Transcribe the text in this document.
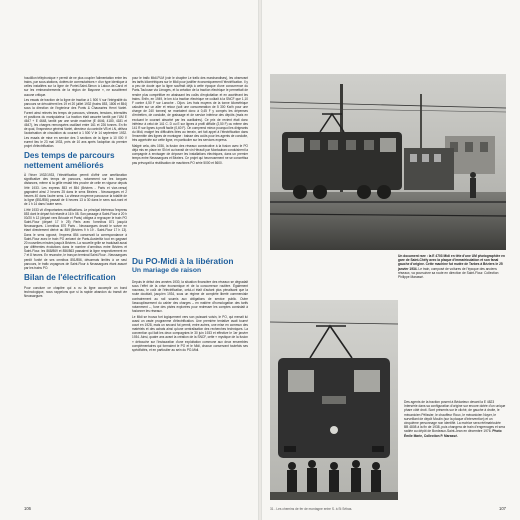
houdillon téléphonique » permit de ne plus coupler l'alimentation entre les trains, par sous-stations, dotées de commutatrices « d'un type identique à celles installées sur la ligne de Portet-Saint-Simon à Latour-de-Carol et sur les embranchements de la région de Bayonne », ne suscitèrent aucune critique.

Les essais de traction de la ligne de traction à 1 500 V sur l'intégralité du parcours se déroulèrent les 19 et 20 juillet 1932 (trains 853, 1806 et 854) sous la direction de l'ingénieur des Ponts & Chaussées Henri Varlet. Furent ainsi relevés les temps de parcours, vitesses, tensions, intensités et positions du manipulateur. La traction était assurée tantôt par l'UM E 4647 + E 4648, tantôt par une seule machine (E 4646, 4180, 4181 et 4647), les charges remorquées oscillant entre 161 et 226 tonnes. En fin de quai, l'inspecteur général Varlet, directeur du contrôle VB et LN, délivra l'autorisation de circulation du courant à 1 500 V le 14 septembre 1932. Les essais de mise en service des 3 sections de la ligne à 10 000 V eurent lieu le 23 mai 1933, près de 10 ans après l'adoption du premier projet d'électrification.

Des temps de parcours nettement améliorés

À l'hiver 1932/1933, l'électrification permit d'offrir une amélioration significative des temps de parcours, notamment sur les longues distances, même si la grille restait très proche de celle en vigueur depuis l'été 1933. Les express 853 et 854 (Béziers - Paris et vice-versa) gagnaient ainsi 2 heures 25 dans le sens Béziers - Neussargues et 2 heures 40 dans l'autre sens. La vitesse moyenne parcourue la totalité de la ligne (851/856) passait de 6 heures 13 à 30 dans le sens sud-nord et de 1 h 14 dans l'autre sens.

L'été 1933 vit d'importantes modifications. Le principal intéressa l'express 853 dont le départ fut retardé à 16 h 08. Son passage à Saint-Flour à 20 h 00/20 h 12 (départ vers Brioude et Paris) obligea à regrouper le train PO Saint-Flour (départ 17 h 25) Paris avec l'omnibus 871 jusqu'à Neussargues. L'omnibus 870 Paris - Neussargues devait le suivre en étant directement dérivé au 859 (Béziers 9 h 19 - Saint-Flour 17 h 13). Dans le sens opposé, l'express 854 conservait la correspondance à Saint-Flour avec le train PO arrivant de Paris-Austerlitz tout en gagnant 20 nouvelles minutes jusqu'à Béziers. La nouvelle grille se traduisait aussi par différentes évolutions dans le nombre d'omnibus entre Béziers et Saint-Flour. les 868/869 et 856/863 passaient la ligne respectivement en 7 et 8 heures. En revanche, le tronçon terminal Saint-Flour - Neussargues perdit l'unité de ses omnibus 851/856, désormais limités à ce seul parcours, le trafic voyageurs de Saint-Flour à Neussargues étant assuré par les trains PO.

Bilan de l'électrification

Pour conclure ce chapitre qui a vu la ligne accomplir un bond technologique, nous rappelons que si la rapide abandon du transit vie Neussargues

pour le trafic Midi-PLM (voir le chapitre Le trafic des marchandises), les observant les tarifs kilométriques sur le Midi pour justifier économiquement l'électrification. Il y a peu de doute que la ligne souffrait déjà à cette époque d'une concurrence du Paris-Toulouse via Limoges, et la création de la traction électrique le permettait de rendre plus compétitive en abaissant les coûts d'exploitation et en accélérant les trains. Enfin, en 1949, le km à la traction électrique ne coûtait à la SNCF que 1,10 F contre 4,50 F sur Laroche - Dijon. Les frais moyens de la tonne kilométrique calculée sur un aller et retour (soit une consommation de 5 300 Kw/h pour une charge de 240 tonnes) se montaient donc à 0,45 F y compris les dépenses d'entretien, de conduite, de graissage et de service intérieur des dépôts (mais en excluant le courant absorbé par les auxiliaires). Ce prix de revient était donc inférieur à celui de 141 C. D ou E sur lignes à profil difficile (2,50 F) ou même des 141 R sur lignes à profil facile (0,60 F). On comprend mieux pourquoi les dirigeants du Midi, malgré les difficultés liées au terrain, ont fait appel à l'électrification dans l'ensemble des lignes de montagne : baisse des coûts pour les agents de conduite, très appréciée sur cette ligne, en particulier sur les services express.

Malgré cela, dès 1936, la fusion des réseaux consécutive à la fusion avec le PO déjà mis en place en SN et au transit de vin Hérault par Montauban conduisirent la compagnie à envisager de déposer les installations électriques, dans un premier temps entre Neussargues et Béziers. Ce projet qui heureusement ne se concrétisa pas prévoyait la réutilisation de machines PO série 5000 et 5600.

Du PO-Midi à la libération
Un mariage de raison

Depuis le début des années 1930, la situation financière des réseaux se dégradait sous l'effet de la crise économique et de la concurrence routière. Également nouveau, le coût de l'électrification, celui-ci était d'autant plus pénalisant que la route doublait, jusqu'en 1934, sous un régime de complète liberté commerciale contrairement au rail soumis aux obligations de service public. Outre l'assouplissement du cahier des charges – en matière d'homologation des tarifs notamment –, l'une des pistes explorées pour redresser les comptes consistait à fusionner les réseaux.

Le Midi se trouva fort logiquement vers son puissant voisin, le PO, qui menait lui aussi un vaste programme d'électrification. Une première tentative avait tourné court en 1928, mais un second fut permit, entre autres, une mise en commun des matériels et des achats ainsi qu'une centralisation des recherches techniques. La convention qui liait les deux compagnies le 30 juin 1933 et effective le 1er janvier 1934. Ainsi, quatre ans avant la création de la SNCF, cette « mystique de la fusion » débouche sur l'instauration d'une exploitation commune aux deux ensembles complémentaires qui formaient le PO et le Midi, chacun conservant toutefois ses spécificités, et en particulier au sein du PO-Midi.

106
Un document rare : la E 4703 Midi en tête d'une UM photographiée en gare de Saint-Chély avec la plaque d'immatriculation et son fanal gauche d'origine. Cette machine fut mutée de Tarbes à Béziers le 25 janvier 1934. Le train, composé de voitures de l'époque des anciens réseaux, va poursuivre sa route en direction de Saint-Flour. Collection Philippe Marassé.
Des agents de la traction posent à Bédarieux devant la E 4823 Intersérie dans sa configuration d'origine sur encore dotée d'un unique phare côté droit. Sont présents sur le cliché, de gauche à droite, le mécanicien Pélissier, le chauffeur Roux, le mécanicien Noyer, le surveillant de dépôt Moulin (sur la plaque d'intervention) et un cinquième personnage non identifié. La motrice sera rééimatriculée BB 4808 à la fin de 1938, puis changera de train d'engrenages et sera radiée au dépôt de Bordeaux-Saint-Jean en décembre 1976. Photo Émile Marie, Collection P. Marassé.
31 - Les chemins de fer de montagne entre S. à St Sébas.	107
